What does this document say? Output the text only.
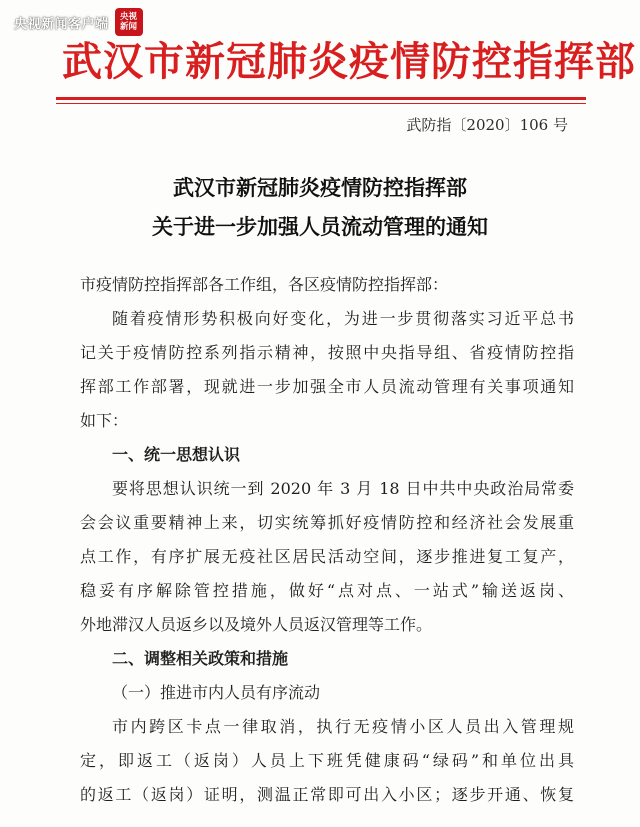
央视新闻客户端 央视
新闻
武汉市新冠肺炎疫情防控指挥部
武防指〔2020〕106 号
武汉市新冠肺炎疫情防控指挥部
关于进一步加强人员流动管理的通知
市疫情防控指挥部各工作组，各区疫情防控指挥部：
随着疫情形势积极向好变化，为进一步贯彻落实习近平总书
记关于疫情防控系列指示精神，按照中央指导组、省疫情防控指
挥部工作部署，现就进一步加强全市人员流动管理有关事项通知
如下：
一、统一思想认识
要将思想认识统一到 2020 年 3 月 18 日中共中央政治局常委
会会议重要精神上来，切实统筹抓好疫情防控和经济社会发展重
点工作，有序扩展无疫社区居民活动空间，逐步推进复工复产，
稳妥有序解除管控措施，做好“点对点、一站式”输送返岗、
外地滞汉人员返乡以及境外人员返汉管理等工作。
二、调整相关政策和措施
（一）推进市内人员有序流动
市内跨区卡点一律取消，执行无疫情小区人员出入管理规
定，即返工（返岗）人员上下班凭健康码“绿码”和单位出具
的返工（返岗）证明，测温正常即可出入小区；逐步开通、恢复
